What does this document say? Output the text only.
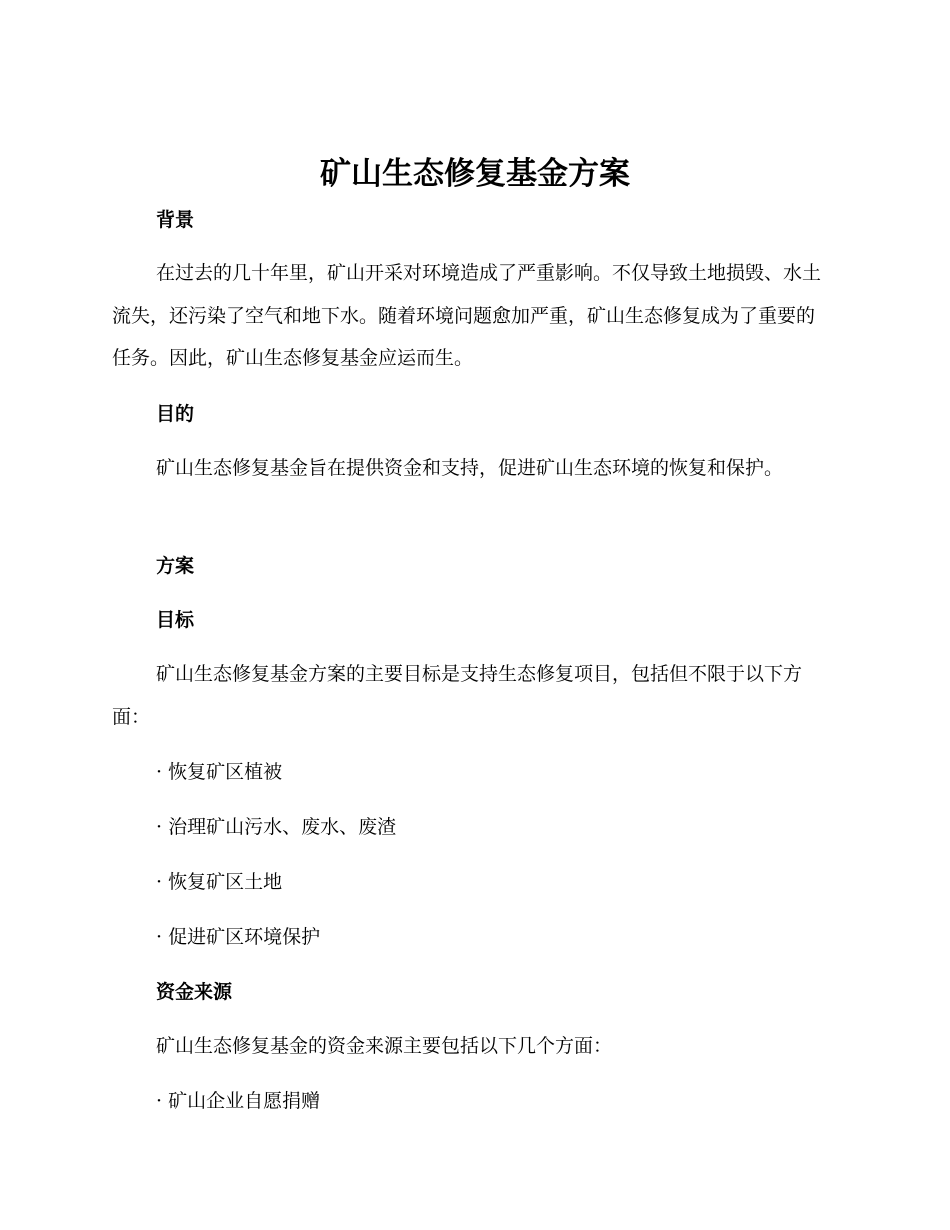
矿山生态修复基金方案
背景

在过去的几十年里，矿山开采对环境造成了严重影响。不仅导致土地损毁、水土流失，还污染了空气和地下水。随着环境问题愈加严重，矿山生态修复成为了重要的任务。因此，矿山生态修复基金应运而生。

目的

矿山生态修复基金旨在提供资金和支持，促进矿山生态环境的恢复和保护。

方案
目标

矿山生态修复基金方案的主要目标是支持生态修复项目，包括但不限于以下方面：

· 恢复矿区植被

· 治理矿山污水、废水、废渣

· 恢复矿区土地

· 促进矿区环境保护

资金来源

矿山生态修复基金的资金来源主要包括以下几个方面：

· 矿山企业自愿捐赠
